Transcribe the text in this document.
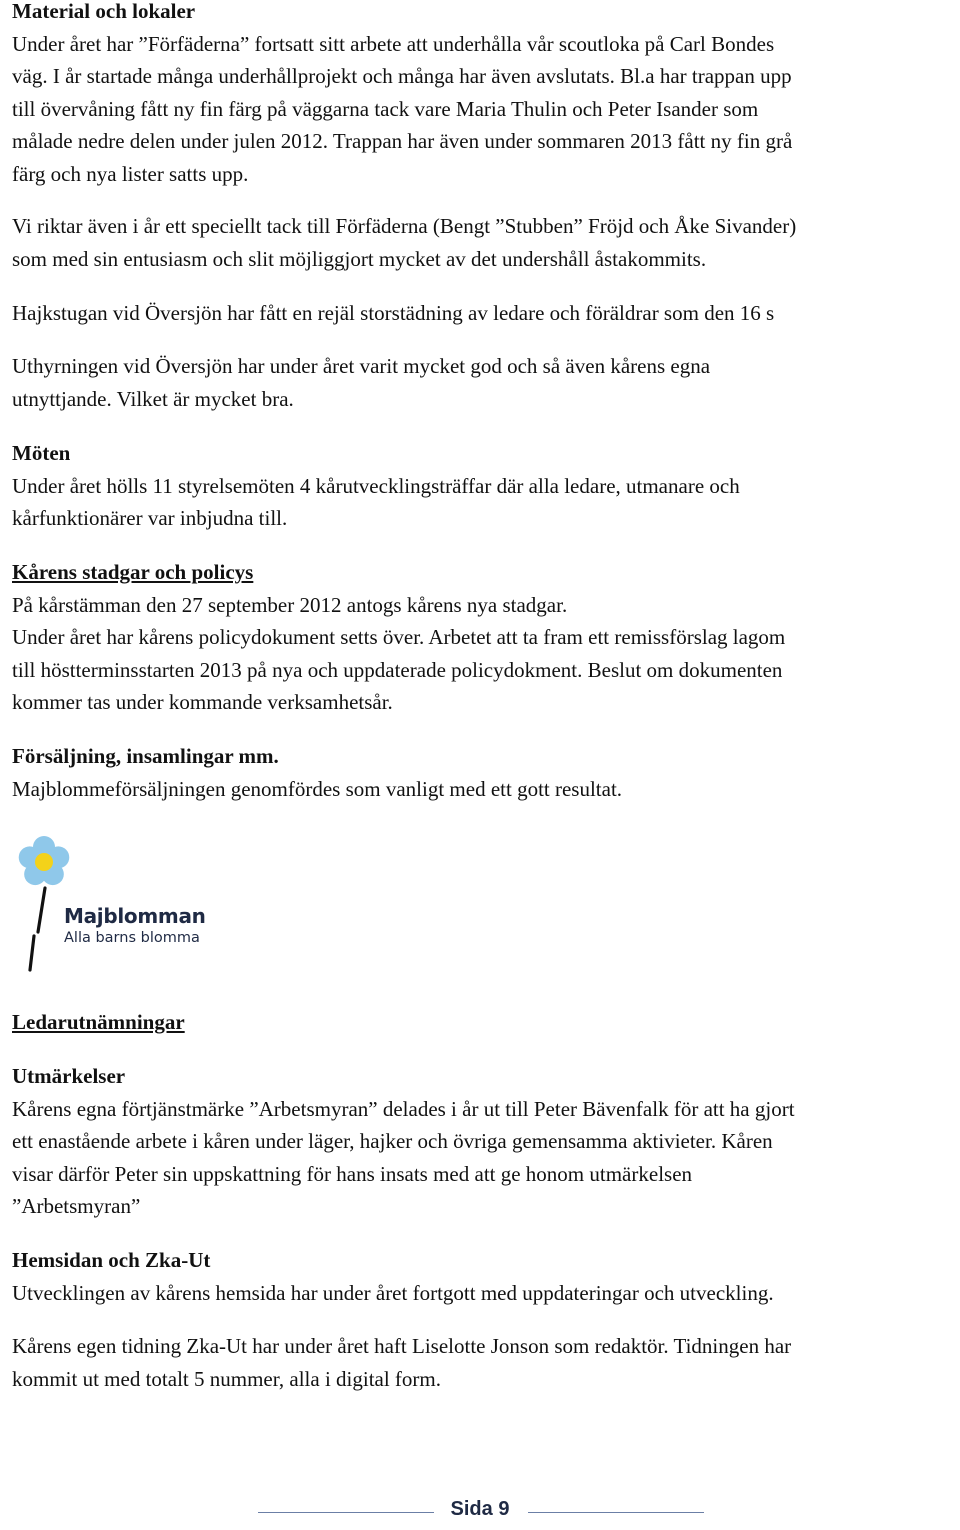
Material och lokaler
Under året har ”Förfäderna” fortsatt sitt arbete att underhålla vår scoutloka på Carl Bondes
väg. I år startade många underhållprojekt och många har även avslutats. Bl.a har trappan upp
till övervåning fått ny fin färg på väggarna tack vare Maria Thulin och Peter Isander som
målade nedre delen under julen 2012. Trappan har även under sommaren 2013 fått ny fin grå
färg och nya lister satts upp.
Vi riktar även i år ett speciellt tack till Förfäderna (Bengt ”Stubben” Fröjd och Åke Sivander)
som med sin entusiasm och slit möjliggjort mycket av det undershåll åstakommits.
Hajkstugan vid Översjön har fått en rejäl storstädning av ledare och föräldrar som den 16 s
Uthyrningen vid Översjön har under året varit mycket god och så även kårens egna
utnyttjande. Vilket är mycket bra.
Möten
Under året hölls 11 styrelsemöten 4 kårutvecklingsträffar där alla ledare, utmanare och
kårfunktionärer var inbjudna till.
Kårens stadgar och policys
På kårstämman den 27 september 2012 antogs kårens nya stadgar.
Under året har kårens policydokument setts över. Arbetet att ta fram ett remissförslag lagom
till höstterminsstarten 2013 på nya och uppdaterade policydokment. Beslut om dokumenten
kommer tas under kommande verksamhetsår.
Försäljning, insamlingar mm.
Majblommeförsäljningen genomfördes som vanligt med ett gott resultat.
Majblomman
Alla barns blomma
Ledarutnämningar
Utmärkelser
Kårens egna förtjänstmärke ”Arbetsmyran” delades i år ut till Peter Bävenfalk för att ha gjort
ett enastående arbete i kåren under läger, hajker och övriga gemensamma aktivieter. Kåren
visar därför Peter sin uppskattning för hans insats med att ge honom utmärkelsen
”Arbetsmyran”
Hemsidan och Zka-Ut
Utvecklingen av kårens hemsida har under året fortgott med uppdateringar och utveckling.
Kårens egen tidning Zka-Ut har under året haft Liselotte Jonson som redaktör. Tidningen har
kommit ut med totalt 5 nummer, alla i digital form.
Sida 9
